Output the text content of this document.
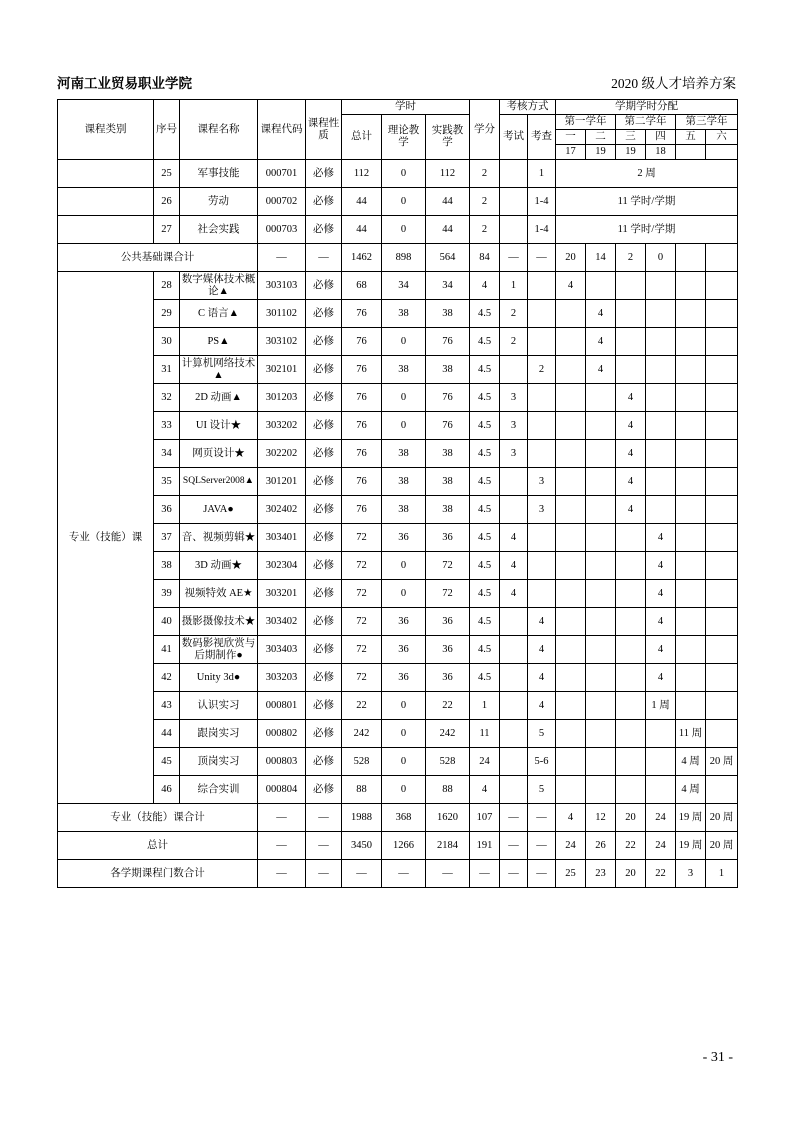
河南工业贸易职业学院	2020 级人才培养方案
课程类别	序号	课程名称	课程代码	课程性质	学时			学分	考核方式		学期学时分配					
					总计	理论教学	实践教学		考试	考查	第一学年		第二学年		第三学年	
											一	二	三	四	五	六
											17	19	19	18		
	25	军事技能	000701	必修	112	0	112	2		1	2 周					
	26	劳动	000702	必修	44	0	44	2		1-4	11 学时/学期					
	27	社会实践	000703	必修	44	0	44	2		1-4	11 学时/学期					
公共基础课合计			—	—	1462	898	564	84	—	—	20	14	2	0		
专业（技能）课	28	数字媒体技术概论▲	303103	必修	68	34	34	4	1		4					
	29	C 语言▲	301102	必修	76	38	38	4.5	2			4				
	30	PS▲	303102	必修	76	0	76	4.5	2			4				
	31	计算机网络技术▲	302101	必修	76	38	38	4.5		2		4				
	32	2D 动画▲	301203	必修	76	0	76	4.5	3				4			
	33	UI 设计★	303202	必修	76	0	76	4.5	3				4			
	34	网页设计★	302202	必修	76	38	38	4.5	3				4			
	35	SQLServer2008▲	301201	必修	76	38	38	4.5		3			4			
	36	JAVA●	302402	必修	76	38	38	4.5		3			4			
	37	音、视频剪辑★	303401	必修	72	36	36	4.5	4					4		
	38	3D 动画★	302304	必修	72	0	72	4.5	4					4		
	39	视频特效 AE★	303201	必修	72	0	72	4.5	4					4		
	40	摄影摄像技术★	303402	必修	72	36	36	4.5		4				4		
	41	数码影视欣赏与后期制作●	303403	必修	72	36	36	4.5		4				4		
	42	Unity 3d●	303203	必修	72	36	36	4.5		4				4		
	43	认识实习	000801	必修	22	0	22	1		4				1 周		
	44	跟岗实习	000802	必修	242	0	242	11		5					11 周	
	45	顶岗实习	000803	必修	528	0	528	24		5-6					4 周	20 周
	46	综合实训	000804	必修	88	0	88	4		5					4 周	
专业（技能）课合计			—	—	1988	368	1620	107	—	—	4	12	20	24	19 周	20 周
总计			—	—	3450	1266	2184	191	—	—	24	26	22	24	19 周	20 周
各学期课程门数合计			—	—	—	—	—	—	—	—	25	23	20	22	3	1
- 31 -
